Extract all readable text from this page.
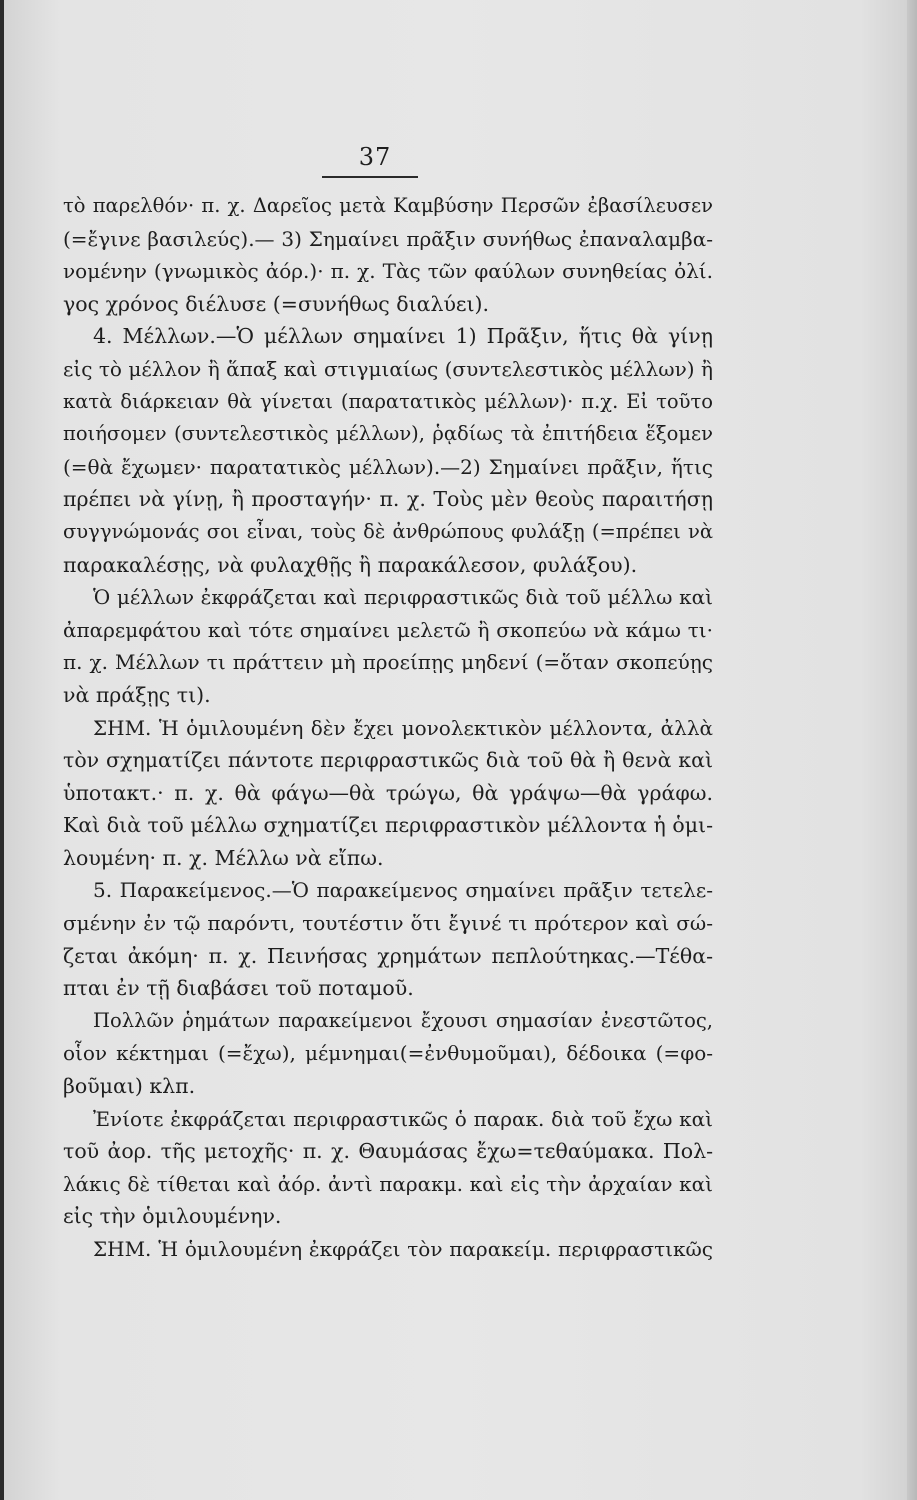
37
τὸ παρελθόν· π. χ. Δαρεῖος μετὰ Καμβύσην Περσῶν ἐβασίλευσεν
(=ἔγινε βασιλεύς).— 3) Σημαίνει πρᾶξιν συνήθως ἐπαναλαμβα-
νομένην (γνωμικὸς ἀόρ.)· π. χ. Τὰς τῶν φαύλων συνηθείας ὀλί.
γος χρόνος διέλυσε (=συνήθως διαλύει).
4. Μέλλων.—Ὁ μέλλων σημαίνει 1) Πρᾶξιν, ἥτις θὰ γίνῃ
εἰς τὸ μέλλον ἢ ἅπαξ καὶ στιγμιαίως (συντελεστικὸς μέλλων) ἢ
κατὰ διάρκειαν θὰ γίνεται (παρατατικὸς μέλλων)· π.χ. Εἰ τοῦτο
ποιήσομεν (συντελεστικὸς μέλλων), ῥᾳδίως τὰ ἐπιτήδεια ἕξομεν
(=θὰ ἔχωμεν· παρατατικὸς μέλλων).—2) Σημαίνει πρᾶξιν, ἥτις
πρέπει νὰ γίνῃ, ἢ προσταγήν· π. χ. Τοὺς μὲν θεοὺς παραιτήσῃ
συγγνώμονάς σοι εἶναι, τοὺς δὲ ἀνθρώπους φυλάξῃ (=πρέπει νὰ
παρακαλέσῃς, νὰ φυλαχθῇς ἢ παρακάλεσον, φυλάξου).
Ὁ μέλλων ἐκφράζεται καὶ περιφραστικῶς διὰ τοῦ μέλλω καὶ
ἀπαρεμφάτου καὶ τότε σημαίνει μελετῶ ἢ σκοπεύω νὰ κάμω τι·
π. χ. Μέλλων τι πράττειν μὴ προείπῃς μηδενί (=ὅταν σκοπεύῃς
νὰ πράξῃς τι).
ΣΗΜ. Ἡ ὁμιλουμένη δὲν ἔχει μονολεκτικὸν μέλλοντα, ἀλλὰ
τὸν σχηματίζει πάντοτε περιφραστικῶς διὰ τοῦ θὰ ἢ θενὰ καὶ
ὑποτακτ.· π. χ. θὰ φάγω—θὰ τρώγω, θὰ γράψω—θὰ γράφω.
Καὶ διὰ τοῦ μέλλω σχηματίζει περιφραστικὸν μέλλοντα ἡ ὁμι-
λουμένη· π. χ. Μέλλω νὰ εἴπω.
5. Παρακείμενος.—Ὁ παρακείμενος σημαίνει πρᾶξιν τετελε-
σμένην ἐν τῷ παρόντι, τουτέστιν ὅτι ἔγινέ τι πρότερον καὶ σώ-
ζεται ἀκόμη· π. χ. Πεινήσας χρημάτων πεπλούτηκας.—Τέθα-
πται ἐν τῇ διαβάσει τοῦ ποταμοῦ.
Πολλῶν ῥημάτων παρακείμενοι ἔχουσι σημασίαν ἐνεστῶτος,
οἷον κέκτημαι (=ἔχω), μέμνημαι(=ἐνθυμοῦμαι), δέδοικα (=φο-
βοῦμαι) κλπ.
Ἐνίοτε ἐκφράζεται περιφραστικῶς ὁ παρακ. διὰ τοῦ ἔχω καὶ
τοῦ ἀορ. τῆς μετοχῆς· π. χ. Θαυμάσας ἔχω=τεθαύμακα. Πολ-
λάκις δὲ τίθεται καὶ ἀόρ. ἀντὶ παρακμ. καὶ εἰς τὴν ἀρχαίαν καὶ
εἰς τὴν ὁμιλουμένην.
ΣΗΜ. Ἡ ὁμιλουμένη ἐκφράζει τὸν παρακείμ. περιφραστικῶς
